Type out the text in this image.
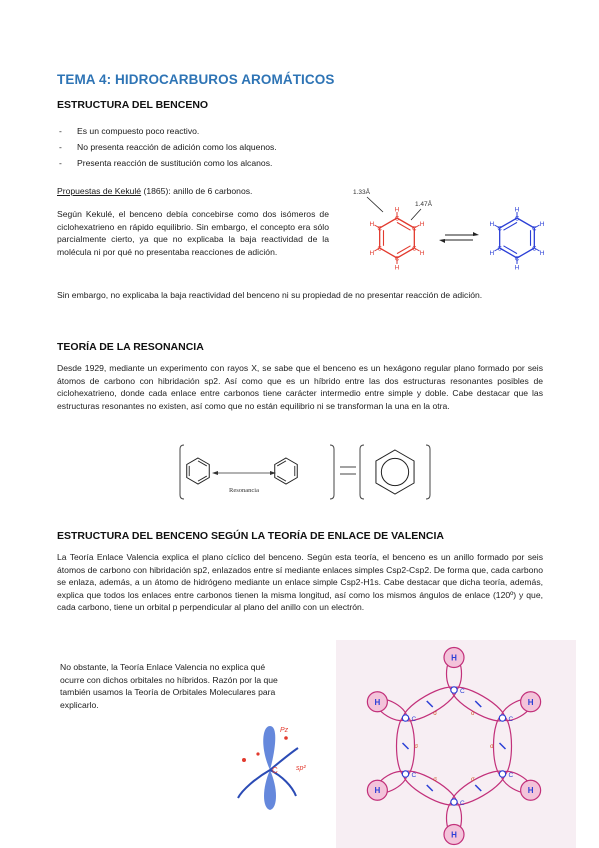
TEMA 4: HIDROCARBUROS AROMÁTICOS
ESTRUCTURA DEL BENCENO
- Es un compuesto poco reactivo.
- No presenta reacción de adición como los alquenos.
- Presenta reacción de sustitución como los alcanos.
Propuestas de Kekulé (1865): anillo de 6 carbonos.
Según Kekulé, el benceno debía concebirse como dos isómeros de ciclohexatrieno en rápido equilibrio. Sin embargo, el concepto era sólo parcialmente cierto, ya que no explicaba la baja reactividad de la molécula ni por qué no presentaba reacciones de adición.
Sin embargo, no explicaba la baja reactividad del benceno ni su propiedad de no presentar reacción de adición.
H
C
H
C
H
C
H
C
H
C
H
C
H
C
H
C
H
C
H
C
H
C
H
C
1.33Å
1.47Å
TEORÍA DE LA RESONANCIA
Desde 1929, mediante un experimento con rayos X, se sabe que el benceno es un hexágono regular plano formado por seis átomos de carbono con hibridación sp2. Así como que es un híbrido entre las dos estructuras resonantes posibles de ciclohexatrieno, donde cada enlace entre carbonos tiene carácter intermedio entre simple y doble. Cabe destacar que las estructuras resonantes no existen, así como que no están equilibrio ni se transforman la una en la otra.
Resonancia
ESTRUCTURA DEL BENCENO SEGÚN LA TEORÍA DE ENLACE DE VALENCIA
La Teoría Enlace Valencia explica el plano cíclico del benceno. Según esta teoría, el benceno es un anillo formado por seis átomos de carbono con hibridación sp2, enlazados entre sí mediante enlaces simples Csp2-Csp2. De forma que, cada carbono se enlaza, además, a un átomo de hidrógeno mediante un enlace simple Csp2-H1s. Cabe destacar que dicha teoría, además, explica que todos los enlaces entre carbonos tienen la misma longitud, así como los mismos ángulos de enlace (120º) y que, cada carbono, tiene un orbital p perpendicular al plano del anillo con un electrón.
No obstante, la Teoría Enlace Valencia no explica qué ocurre con dichos orbitales no híbridos. Razón por la que también usamos la Teoría de Orbitales Moleculares para explicarlo.
C
Pz
sp²
σ
σ
σ
σ
σ
σ
H
C
H
C
H
C
H
C
H
C
H
C
